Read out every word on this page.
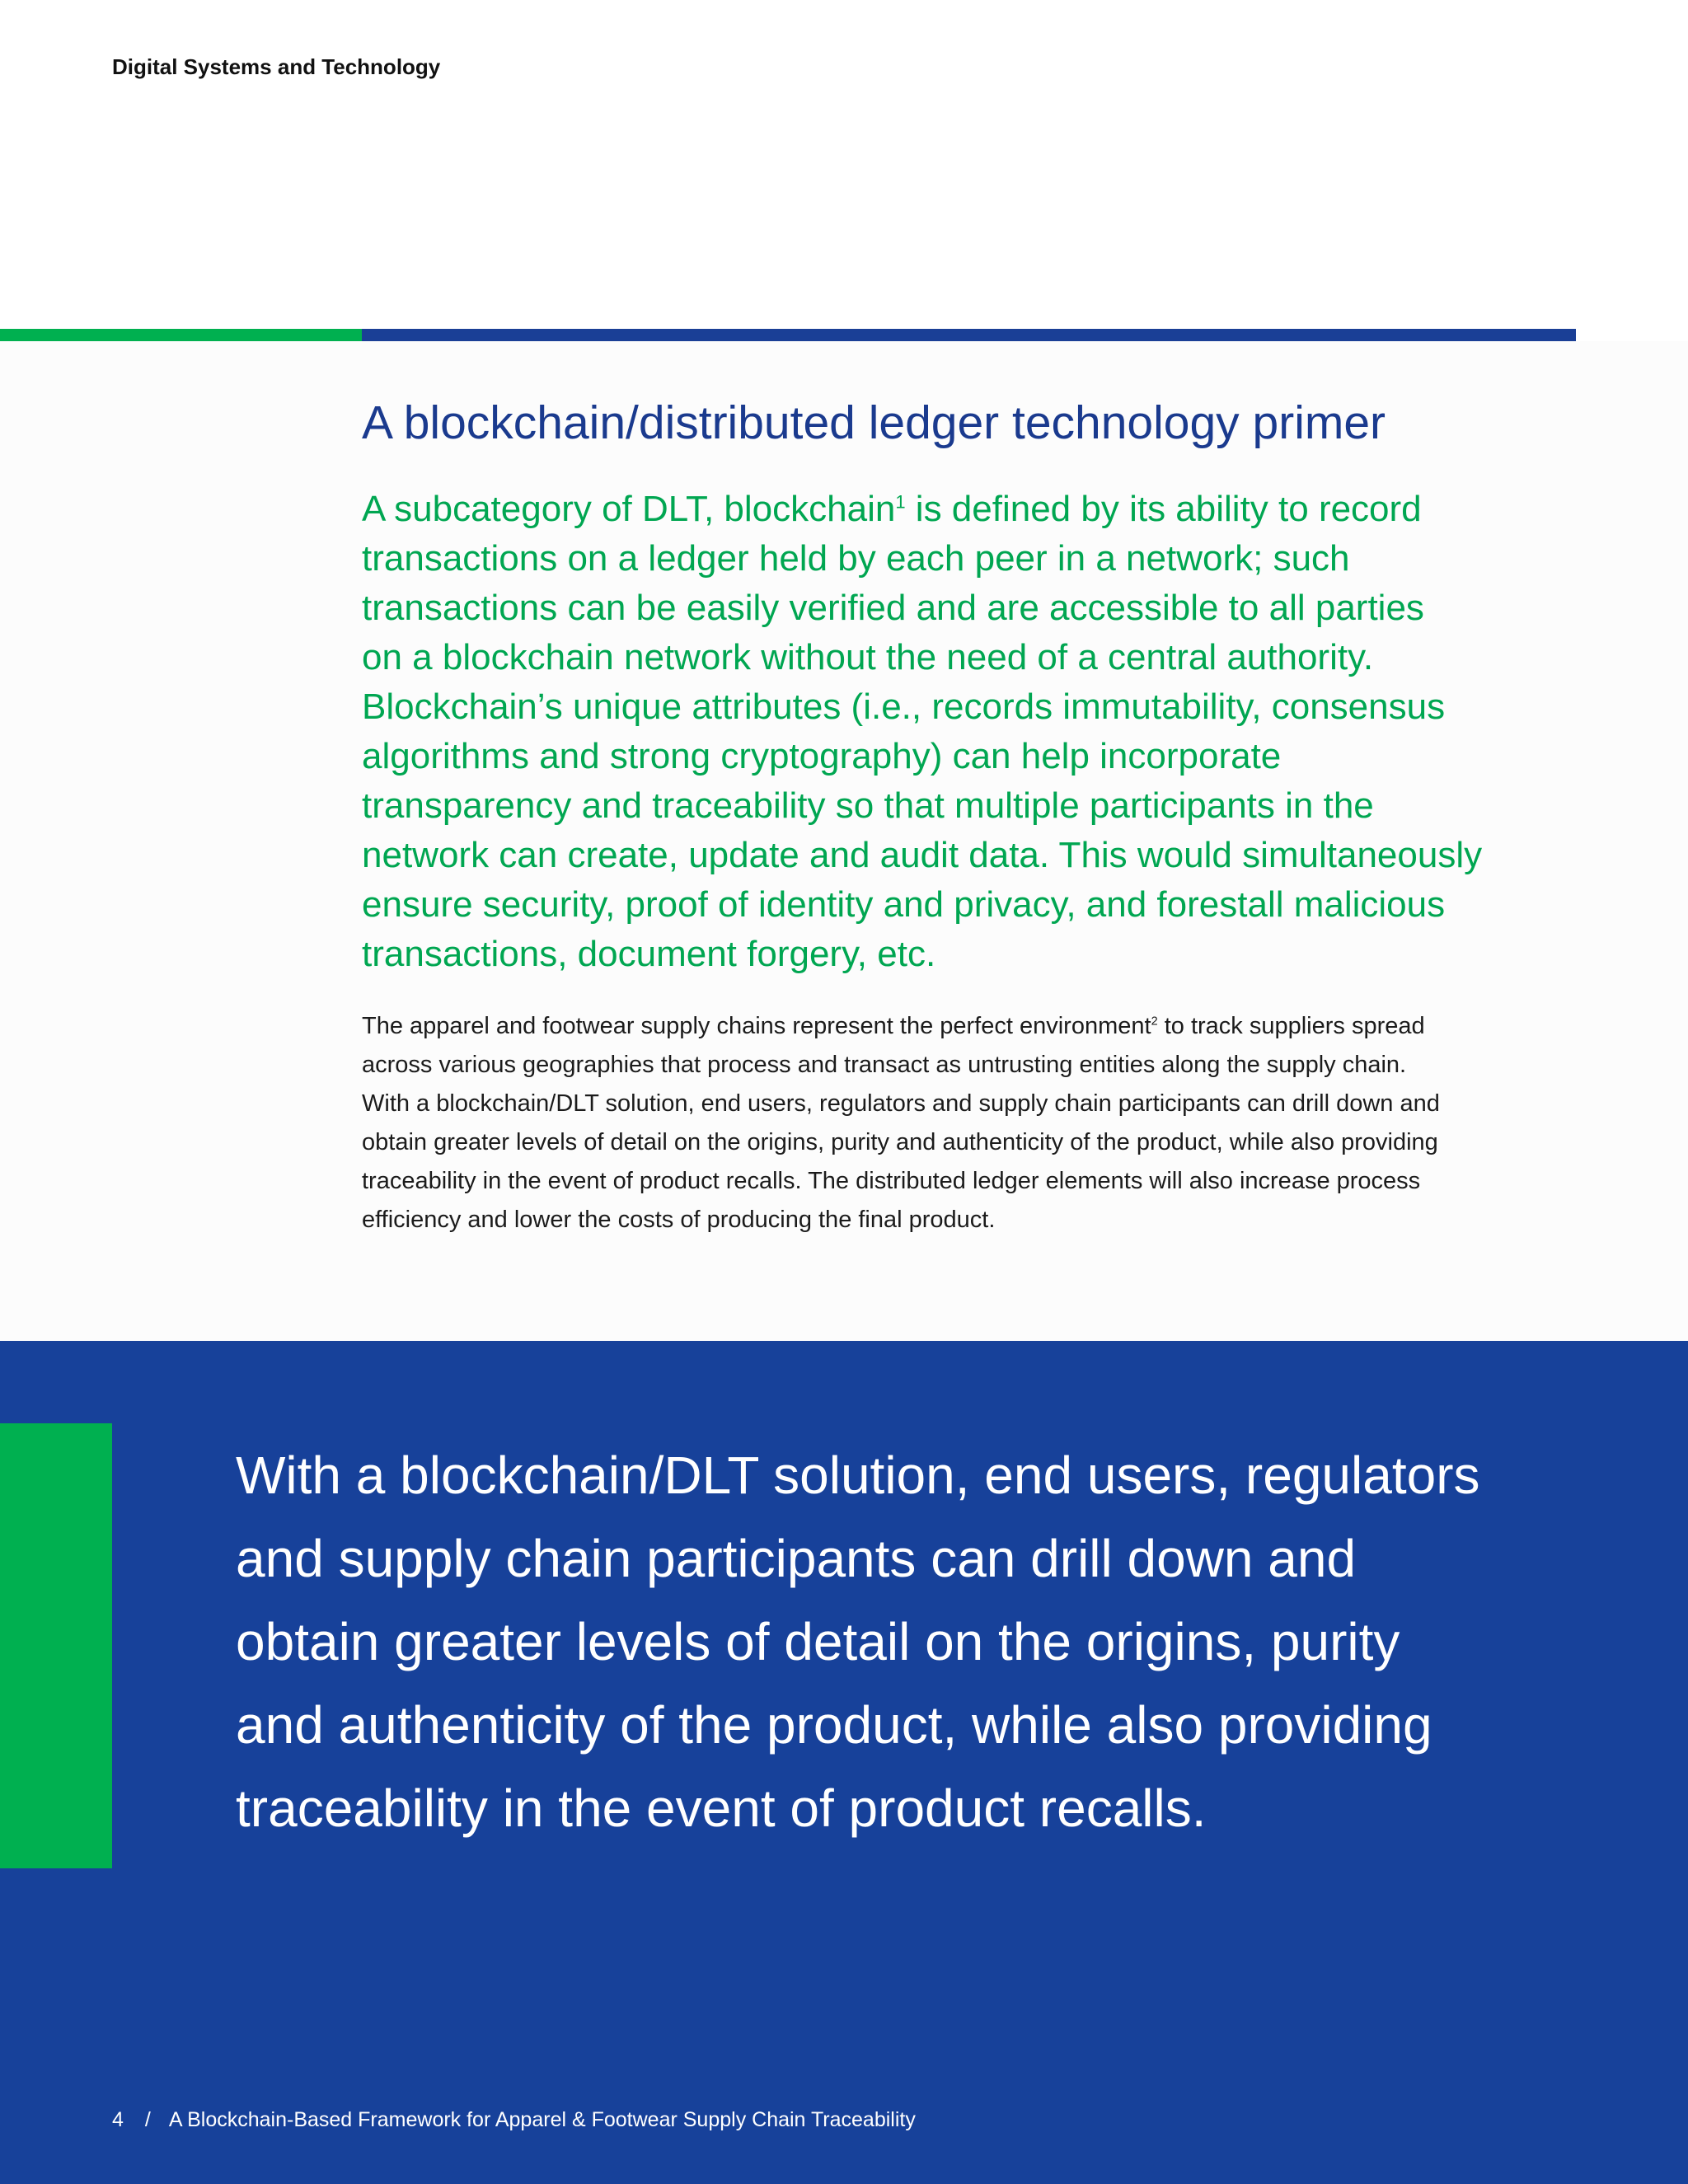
Digital Systems and Technology
A blockchain/distributed ledger technology primer

A subcategory of DLT, blockchain$^1$ is defined by its ability to record

transactions on a ledger held by each peer in a network; such

transactions can be easily verified and are accessible to all parties

on a blockchain network without the need of a central authority.

Blockchain’s unique attributes (i.e., records immutability, consensus

algorithms and strong cryptography) can help incorporate

transparency and traceability so that multiple participants in the

network can create, update and audit data. This would simultaneously

ensure security, proof of identity and privacy, and forestall malicious

transactions, document forgery, etc.

The apparel and footwear supply chains represent the perfect environment$^2$ to track suppliers spread

across various geographies that process and transact as untrusting entities along the supply chain.

With a blockchain/DLT solution, end users, regulators and supply chain participants can drill down and

obtain greater levels of detail on the origins, purity and authenticity of the product, while also providing

traceability in the event of product recalls. The distributed ledger elements will also increase process

efficiency and lower the costs of producing the final product.

With a blockchain/DLT solution, end users, regulators

and supply chain participants can drill down and

obtain greater levels of detail on the origins, purity

and authenticity of the product, while also providing

traceability in the event of product recalls.

4 / A Blockchain-Based Framework for Apparel & Footwear Supply Chain Traceability
